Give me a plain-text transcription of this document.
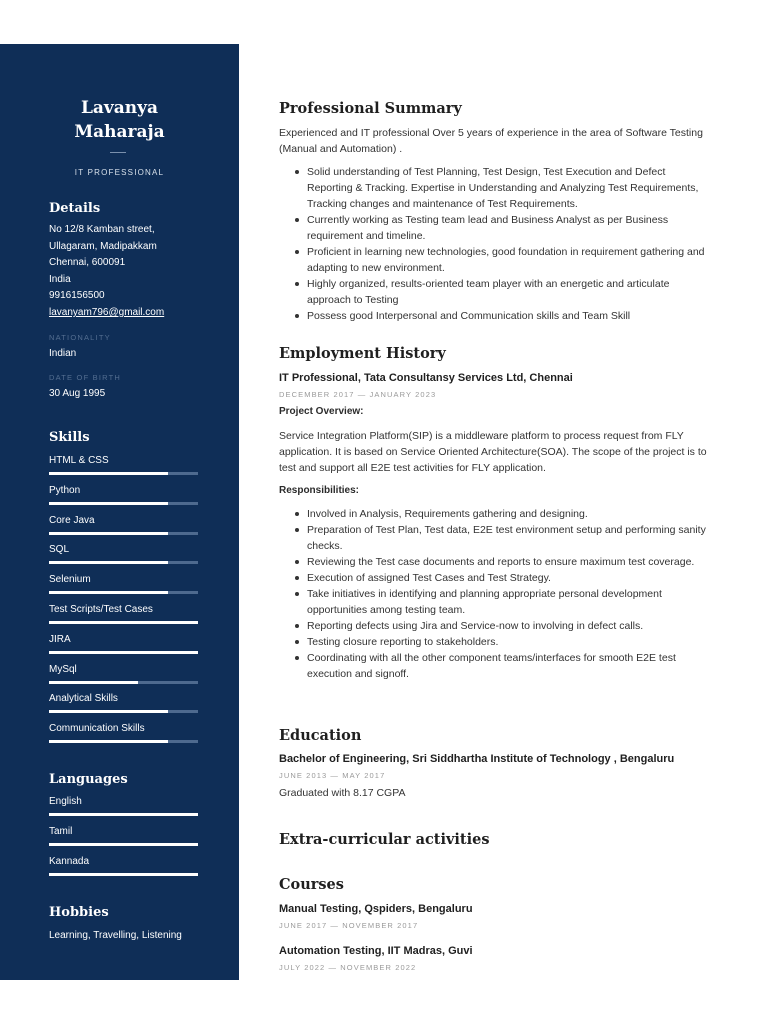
Lavanya
Maharaja
IT PROFESSIONAL
Details
No 12/8 Kamban street,
Ullagaram, Madipakkam
Chennai, 600091
India
9916156500
lavanyam796@gmail.com
NATIONALITY
Indian
DATE OF BIRTH
30 Aug 1995
Skills
HTML & CSS
Python
Core Java
SQL
Selenium
Test Scripts/Test Cases
JIRA
MySql
Analytical Skills
Communication Skills
Languages
English
Tamil
Kannada
Hobbies
Learning, Travelling, Listening
Professional Summary

Experienced and IT professional Over 5 years of experience in the area of Software Testing (Manual and Automation) .

Solid understanding of Test Planning, Test Design, Test Execution and Defect Reporting & Tracking. Expertise in Understanding and Analyzing Test Requirements, Tracking changes and maintenance of Test Requirements.
Currently working as Testing team lead and Business Analyst as per Business requirement and timeline.
Proficient in learning new technologies, good foundation in requirement gathering and adapting to new environment.
Highly organized, results-oriented team player with an energetic and articulate approach to Testing
Possess good Interpersonal and Communication skills and Team Skill
Employment History
IT Professional, Tata Consultansy Services Ltd, Chennai
DECEMBER 2017 — JANUARY 2023
Project Overview:

Service Integration Platform(SIP) is a middleware platform to process request from FLY application. It is based on Service Oriented Architecture(SOA). The scope of the project is to test and support all E2E test activities for FLY application.

Responsibilities:
Involved in Analysis, Requirements gathering and designing.
Preparation of Test Plan, Test data, E2E test environment setup and performing sanity checks.
Reviewing the Test case documents and reports to ensure maximum test coverage.
Execution of assigned Test Cases and Test Strategy.
Take initiatives in identifying and planning appropriate personal development opportunities among testing team.
Reporting defects using Jira and Service-now to involving in defect calls.
Testing closure reporting to stakeholders.
Coordinating with all the other component teams/interfaces for smooth E2E test execution and signoff.
Education
Bachelor of Engineering, Sri Siddhartha Institute of Technology , Bengaluru
JUNE 2013 — MAY 2017
Graduated with 8.17 CGPA
Extra-curricular activities
Courses
Manual Testing, Qspiders, Bengaluru
JUNE 2017 — NOVEMBER 2017
Automation Testing, IIT Madras, Guvi
JULY 2022 — NOVEMBER 2022
